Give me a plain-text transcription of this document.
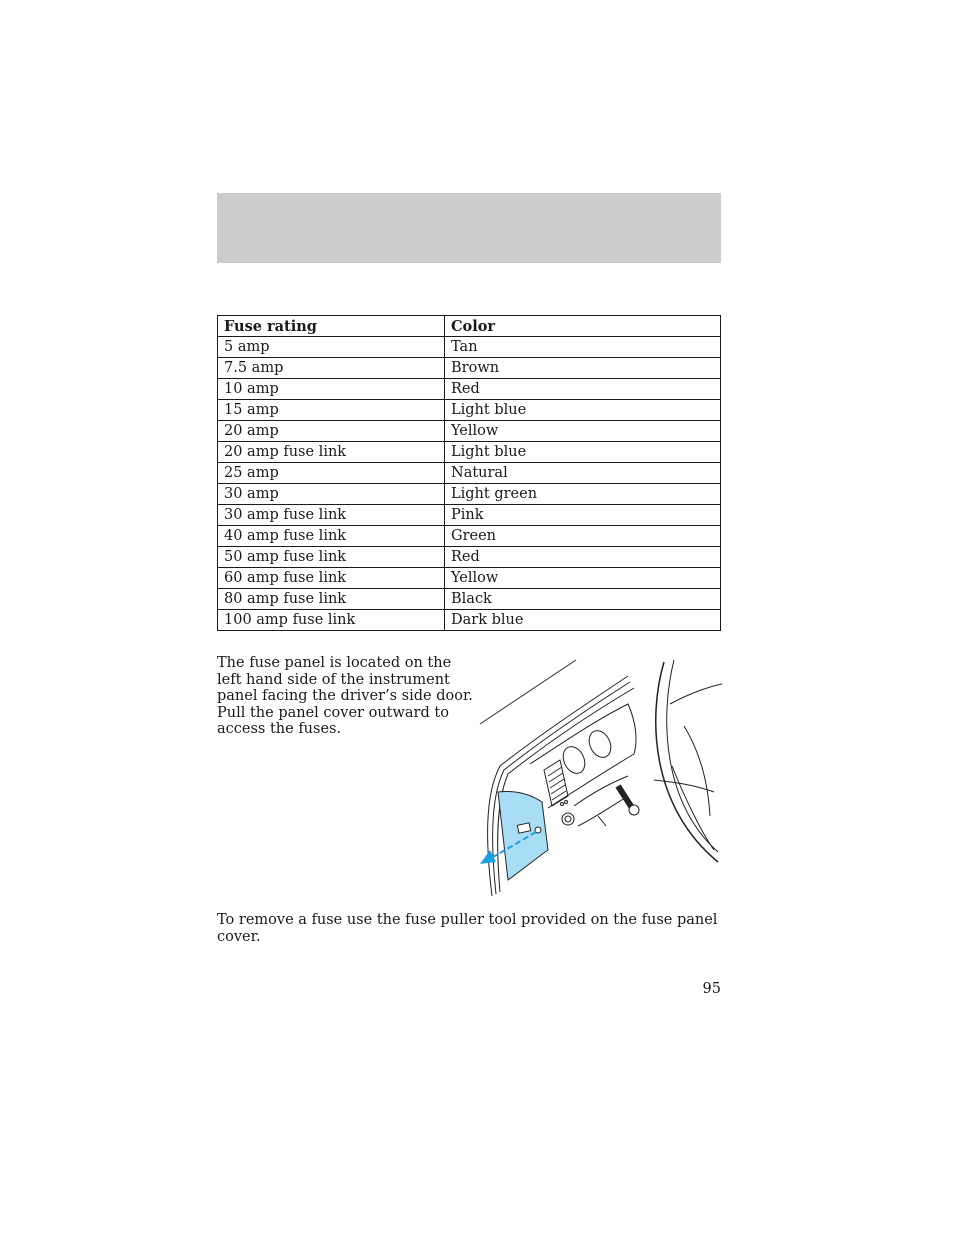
Fuse rating	Color
5 amp	Tan
7.5 amp	Brown
10 amp	Red
15 amp	Light blue
20 amp	Yellow
20 amp fuse link	Light blue
25 amp	Natural
30 amp	Light green
30 amp fuse link	Pink
40 amp fuse link	Green
50 amp fuse link	Red
60 amp fuse link	Yellow
80 amp fuse link	Black
100 amp fuse link	Dark blue

The fuse panel is located on the left hand side of the instrument panel facing the driver’s side door. Pull the panel cover outward to access the fuses.

To remove a fuse use the fuse puller tool provided on the fuse panel cover.

95
